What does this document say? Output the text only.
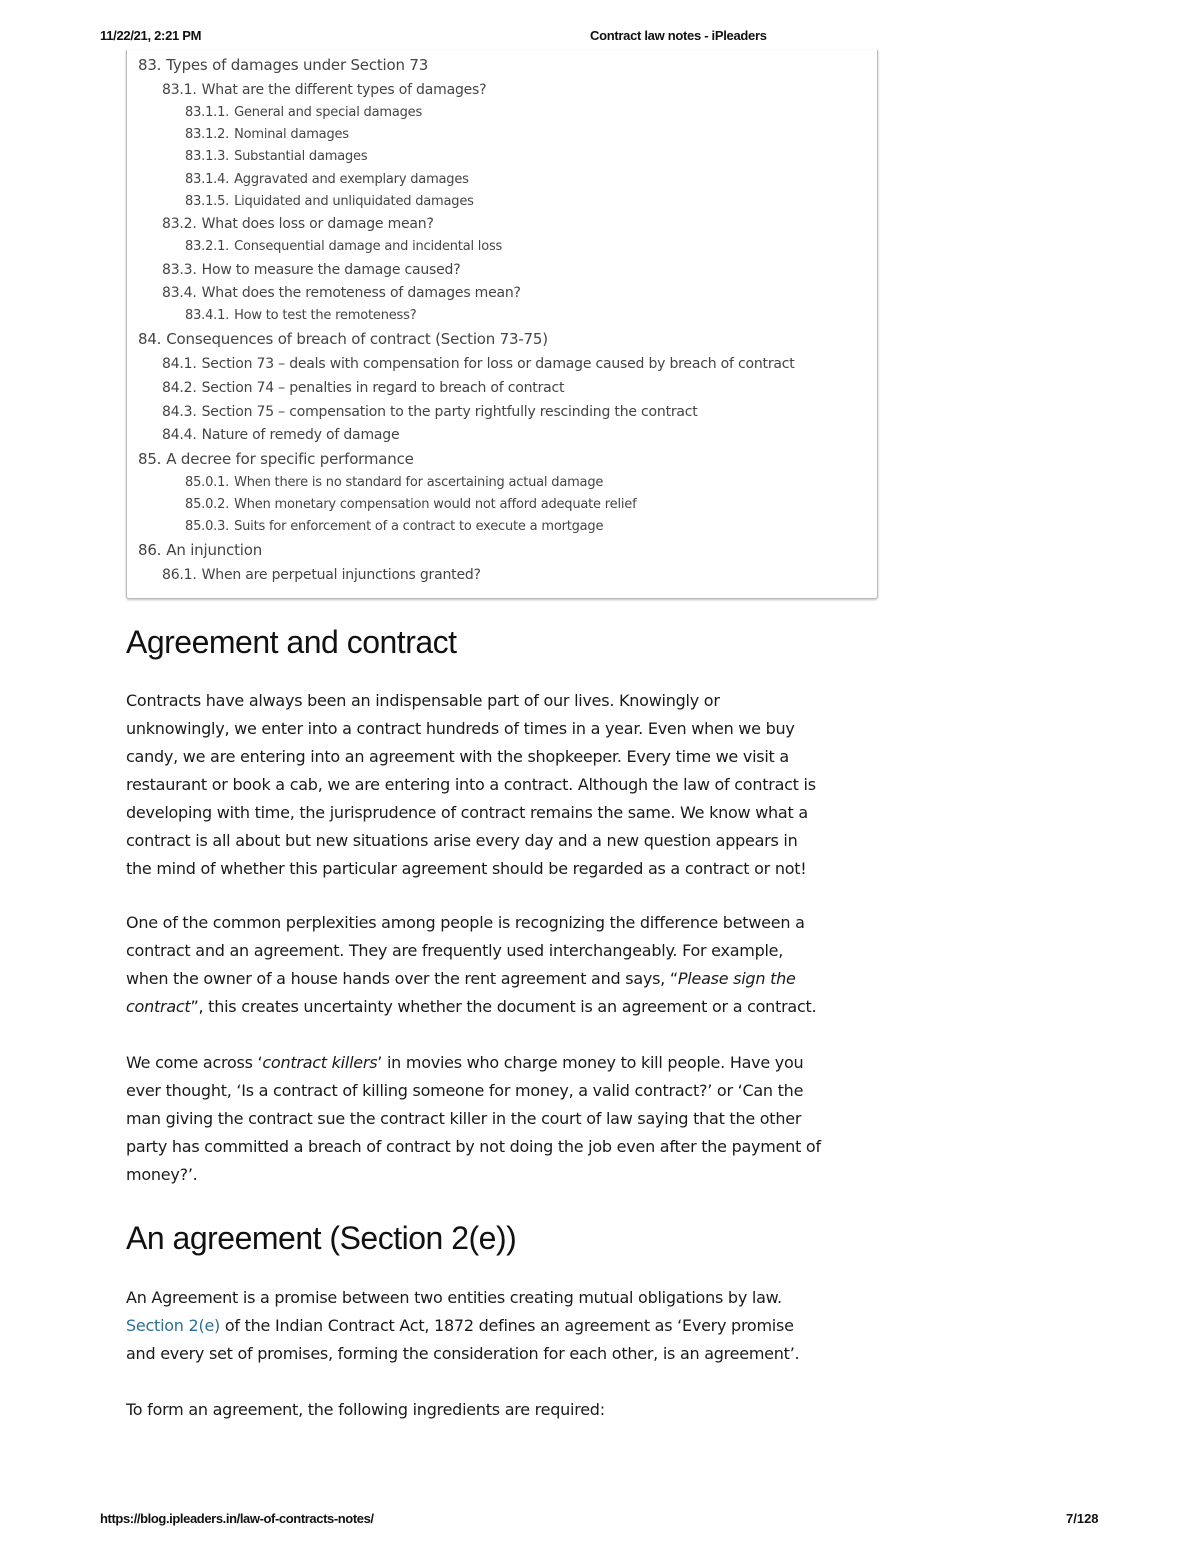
11/22/21, 2:21 PM	Contract law notes - iPleaders
83. Types of damages under Section 73
83.1. What are the different types of damages?
83.1.1. General and special damages
83.1.2. Nominal damages
83.1.3. Substantial damages
83.1.4. Aggravated and exemplary damages
83.1.5. Liquidated and unliquidated damages
83.2. What does loss or damage mean?
83.2.1. Consequential damage and incidental loss
83.3. How to measure the damage caused?
83.4. What does the remoteness of damages mean?
83.4.1. How to test the remoteness?
84. Consequences of breach of contract (Section 73-75)
84.1. Section 73 – deals with compensation for loss or damage caused by breach of contract
84.2. Section 74 – penalties in regard to breach of contract
84.3. Section 75 – compensation to the party rightfully rescinding the contract
84.4. Nature of remedy of damage
85. A decree for specific performance
85.0.1. When there is no standard for ascertaining actual damage
85.0.2. When monetary compensation would not afford adequate relief
85.0.3. Suits for enforcement of a contract to execute a mortgage
86. An injunction
86.1. When are perpetual injunctions granted?
Agreement and contract
Contracts have always been an indispensable part of our lives. Knowingly or
unknowingly, we enter into a contract hundreds of times in a year. Even when we buy
candy, we are entering into an agreement with the shopkeeper. Every time we visit a
restaurant or book a cab, we are entering into a contract. Although the law of contract is
developing with time, the jurisprudence of contract remains the same. We know what a
contract is all about but new situations arise every day and a new question appears in
the mind of whether this particular agreement should be regarded as a contract or not!
One of the common perplexities among people is recognizing the difference between a
contract and an agreement. They are frequently used interchangeably. For example,
when the owner of a house hands over the rent agreement and says, “Please sign the
contract”, this creates uncertainty whether the document is an agreement or a contract.
We come across ‘contract killers’ in movies who charge money to kill people. Have you
ever thought, ‘Is a contract of killing someone for money, a valid contract?’ or ‘Can the
man giving the contract sue the contract killer in the court of law saying that the other
party has committed a breach of contract by not doing the job even after the payment of
money?’.
An agreement (Section 2(e))
An Agreement is a promise between two entities creating mutual obligations by law.
Section 2(e) of the Indian Contract Act, 1872 defines an agreement as ‘Every promise
and every set of promises, forming the consideration for each other, is an agreement’.
To form an agreement, the following ingredients are required:
https://blog.ipleaders.in/law-of-contracts-notes/	7/128
